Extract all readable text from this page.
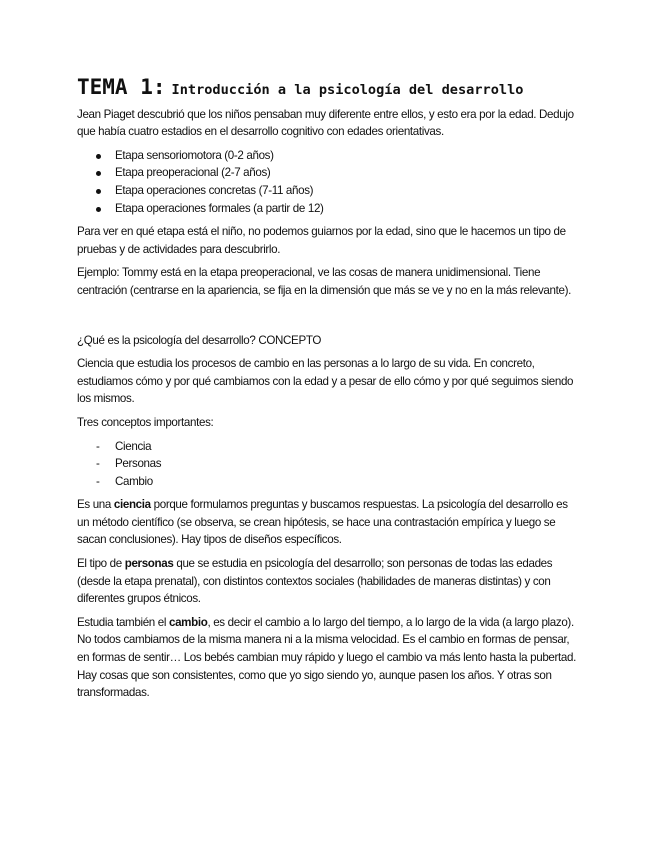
TEMA 1: Introducción a la psicología del desarrollo

Jean Piaget descubrió que los niños pensaban muy diferente entre ellos, y esto era por la edad. Dedujo que había cuatro estadios en el desarrollo cognitivo con edades orientativas.

Etapa sensoriomotora (0-2 años)
Etapa preoperacional (2-7 años)
Etapa operaciones concretas (7-11 años)
Etapa operaciones formales (a partir de 12)

Para ver en qué etapa está el niño, no podemos guiarnos por la edad, sino que le hacemos un tipo de pruebas y de actividades para descubrirlo.

Ejemplo: Tommy está en la etapa preoperacional, ve las cosas de manera unidimensional. Tiene centración (centrarse en la apariencia, se fija en la dimensión que más se ve y no en la más relevante).

¿Qué es la psicología del desarrollo? CONCEPTO

Ciencia que estudia los procesos de cambio en las personas a lo largo de su vida. En concreto, estudiamos cómo y por qué cambiamos con la edad y a pesar de ello cómo y por qué seguimos siendo los mismos.

Tres conceptos importantes:

- Ciencia
- Personas
- Cambio

Es una ciencia porque formulamos preguntas y buscamos respuestas. La psicología del desarrollo es un método científico (se observa, se crean hipótesis, se hace una contrastación empírica y luego se sacan conclusiones). Hay tipos de diseños específicos.

El tipo de personas que se estudia en psicología del desarrollo; son personas de todas las edades (desde la etapa prenatal), con distintos contextos sociales (habilidades de maneras distintas) y con diferentes grupos étnicos.

Estudia también el cambio, es decir el cambio a lo largo del tiempo, a lo largo de la vida (a largo plazo). No todos cambiamos de la misma manera ni a la misma velocidad. Es el cambio en formas de pensar, en formas de sentir… Los bebés cambian muy rápido y luego el cambio va más lento hasta la pubertad. Hay cosas que son consistentes, como que yo sigo siendo yo, aunque pasen los años. Y otras son transformadas.
